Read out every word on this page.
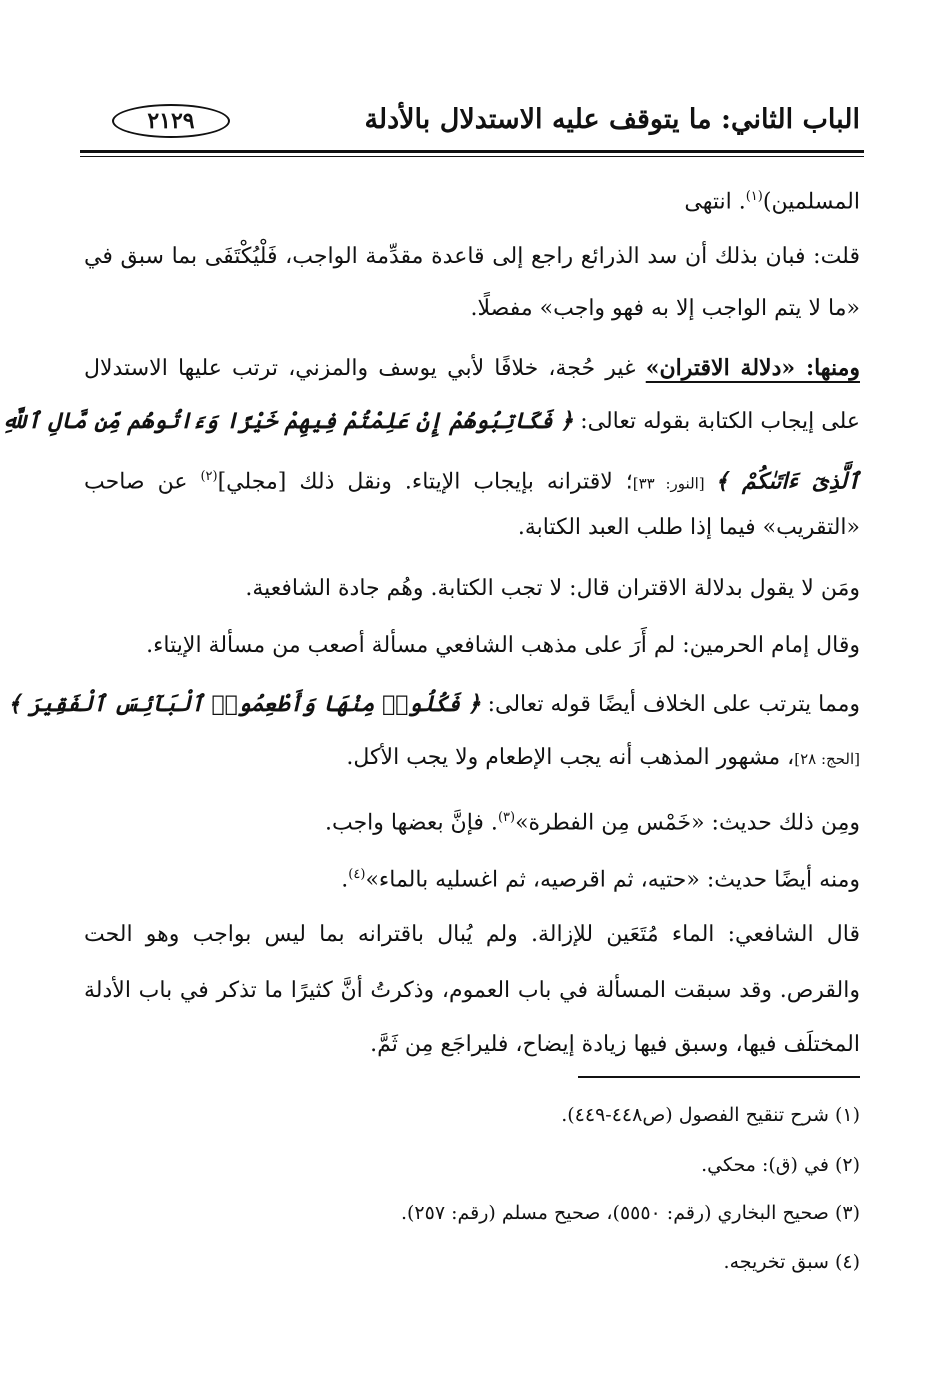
الباب الثاني: ما يتوقف عليه الاستدلال بالأدلة
٢١٢٩
المسلمين)$^{(١)}$. انتهى
قلت: فبان بذلك أن سد الذرائع راجع إلى قاعدة مقدِّمة الواجب، فَلْيُكْتَفَى بما سبق في
«ما لا يتم الواجب إلا به فهو واجب» مفصلًا.
ومنها: «دلالة الاقتران» غير حُجة، خلافًا لأبي يوسف والمزني، ترتب عليها الاستدلال
على إيجاب الكتابة بقوله تعالى: ﴿ فَكَاتِبُوهُمْ إِنْ عَلِمْتُمْ فِيهِمْ خَيْرًا وَءَاتُوهُم مِّن مَّالِ ٱللَّهِ
ٱلَّذِىٓ ءَاتَىٰكُمْ ﴾ [النور: ٣٣]؛ لاقترانه بإيجاب الإيتاء. ونقل ذلك [مجلي]$^{(٢)}$ عن صاحب
«التقريب» فيما إذا طلب العبد الكتابة.
ومَن لا يقول بدلالة الاقتران قال: لا تجب الكتابة. وهُم جادة الشافعية.
وقال إمام الحرمين: لم أَرَ على مذهب الشافعي مسألة أصعب من مسألة الإيتاء.
ومما يترتب على الخلاف أيضًا قوله تعالى: ﴿ فَكُلُوا۟ مِنْهَا وَأَطْعِمُوا۟ ٱلْبَآئِسَ ٱلْفَقِيرَ ﴾
[الحج: ٢٨]، مشهور المذهب أنه يجب الإطعام ولا يجب الأكل.
ومِن ذلك حديث: «خَمْس مِن الفطرة»$^{(٣)}$. فإنَّ بعضها واجب.
ومنه أيضًا حديث: «حتيه، ثم اقرصيه، ثم اغسليه بالماء»$^{(٤)}$.
قال الشافعي: الماء مُتَعَين للإزالة. ولم يُبال باقترانه بما ليس بواجب وهو الحت
والقرص. وقد سبقت المسألة في باب العموم، وذكرتُ أنَّ كثيرًا ما تذكر في باب الأدلة
المختلَف فيها، وسبق فيها زيادة إيضاح، فليراجَع مِن ثَمَّ.
(١) شرح تنقيح الفصول (ص٤٤٨-٤٤٩).
(٢) في (ق): محكي.
(٣) صحيح البخاري (رقم: ٥٥٥٠)، صحيح مسلم (رقم: ٢٥٧).
(٤) سبق تخريجه.
